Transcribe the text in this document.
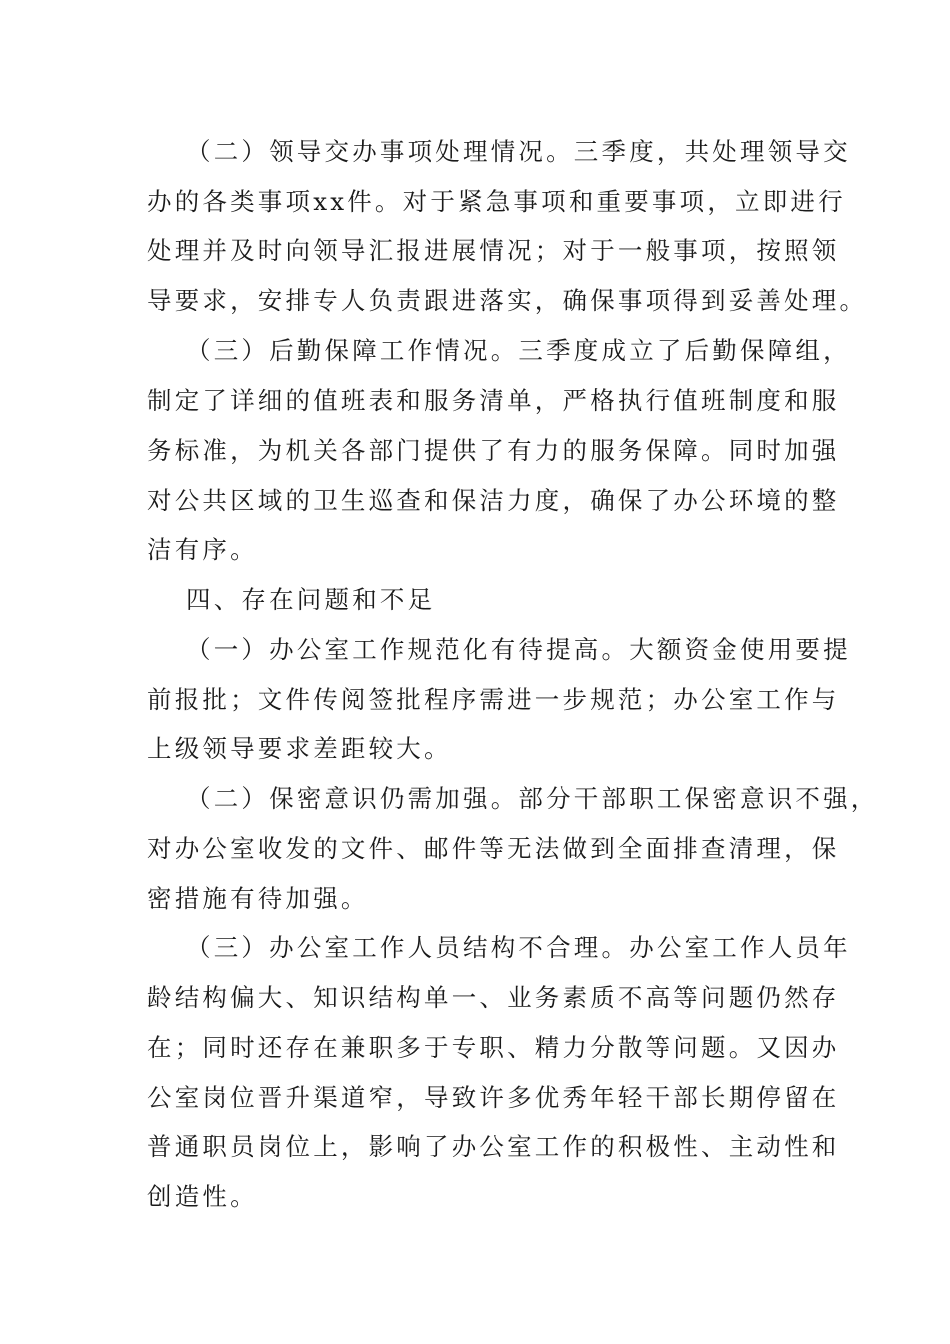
（二）领导交办事项处理情况。三季度，共处理领导交
办的各类事项xx件。对于紧急事项和重要事项，立即进行
处理并及时向领导汇报进展情况；对于一般事项，按照领
导要求，安排专人负责跟进落实，确保事项得到妥善处理。
（三）后勤保障工作情况。三季度成立了后勤保障组，
制定了详细的值班表和服务清单，严格执行值班制度和服
务标准，为机关各部门提供了有力的服务保障。同时加强
对公共区域的卫生巡查和保洁力度，确保了办公环境的整
洁有序。
四、存在问题和不足
（一）办公室工作规范化有待提高。大额资金使用要提
前报批；文件传阅签批程序需进一步规范；办公室工作与
上级领导要求差距较大。
（二）保密意识仍需加强。部分干部职工保密意识不强，
对办公室收发的文件、邮件等无法做到全面排查清理，保
密措施有待加强。
（三）办公室工作人员结构不合理。办公室工作人员年
龄结构偏大、知识结构单一、业务素质不高等问题仍然存
在；同时还存在兼职多于专职、精力分散等问题。又因办
公室岗位晋升渠道窄，导致许多优秀年轻干部长期停留在
普通职员岗位上，影响了办公室工作的积极性、主动性和
创造性。
